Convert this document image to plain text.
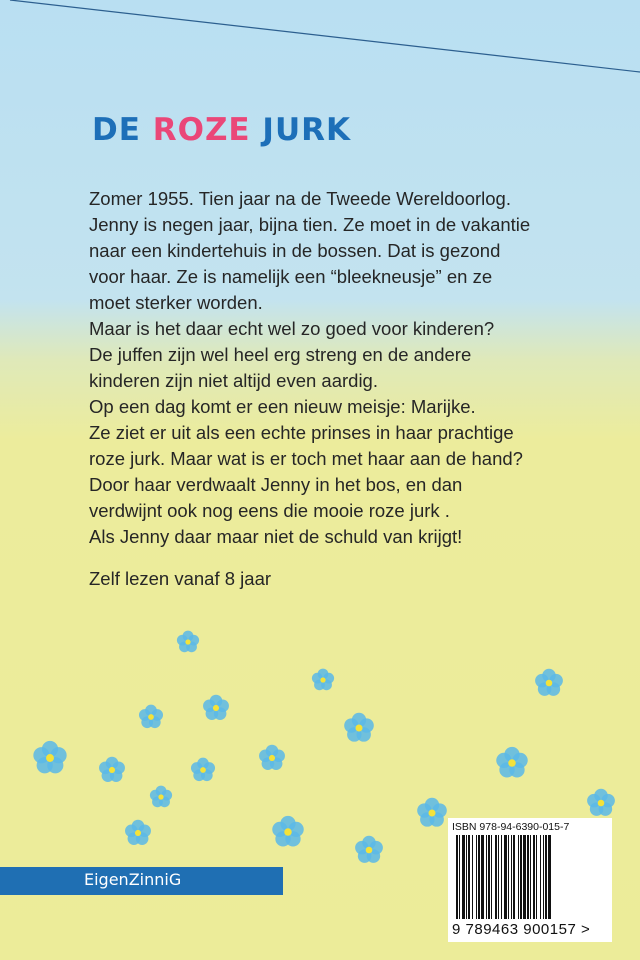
DE ROZE JURK
Zomer 1955. Tien jaar na de Tweede Wereldoorlog.
Jenny is negen jaar, bijna tien. Ze moet in de vakantie
naar een kindertehuis in de bossen. Dat is gezond
voor haar. Ze is namelijk een “bleekneusje” en ze
moet sterker worden.
Maar is het daar echt wel zo goed voor kinderen?
De juffen zijn wel heel erg streng en de andere
kinderen zijn niet altijd even aardig.
Op een dag komt er een nieuw meisje: Marijke.
Ze ziet er uit als een echte prinses in haar prachtige
roze jurk. Maar wat is er toch met haar aan de hand?
Door haar verdwaalt Jenny in het bos, en dan
verdwijnt ook nog eens die mooie roze jurk .
Als Jenny daar maar niet de schuld van krijgt!
Zelf lezen vanaf 8 jaar
EigenZinniG
ISBN 978-94-6390-015-7
9 789463 900157 >
